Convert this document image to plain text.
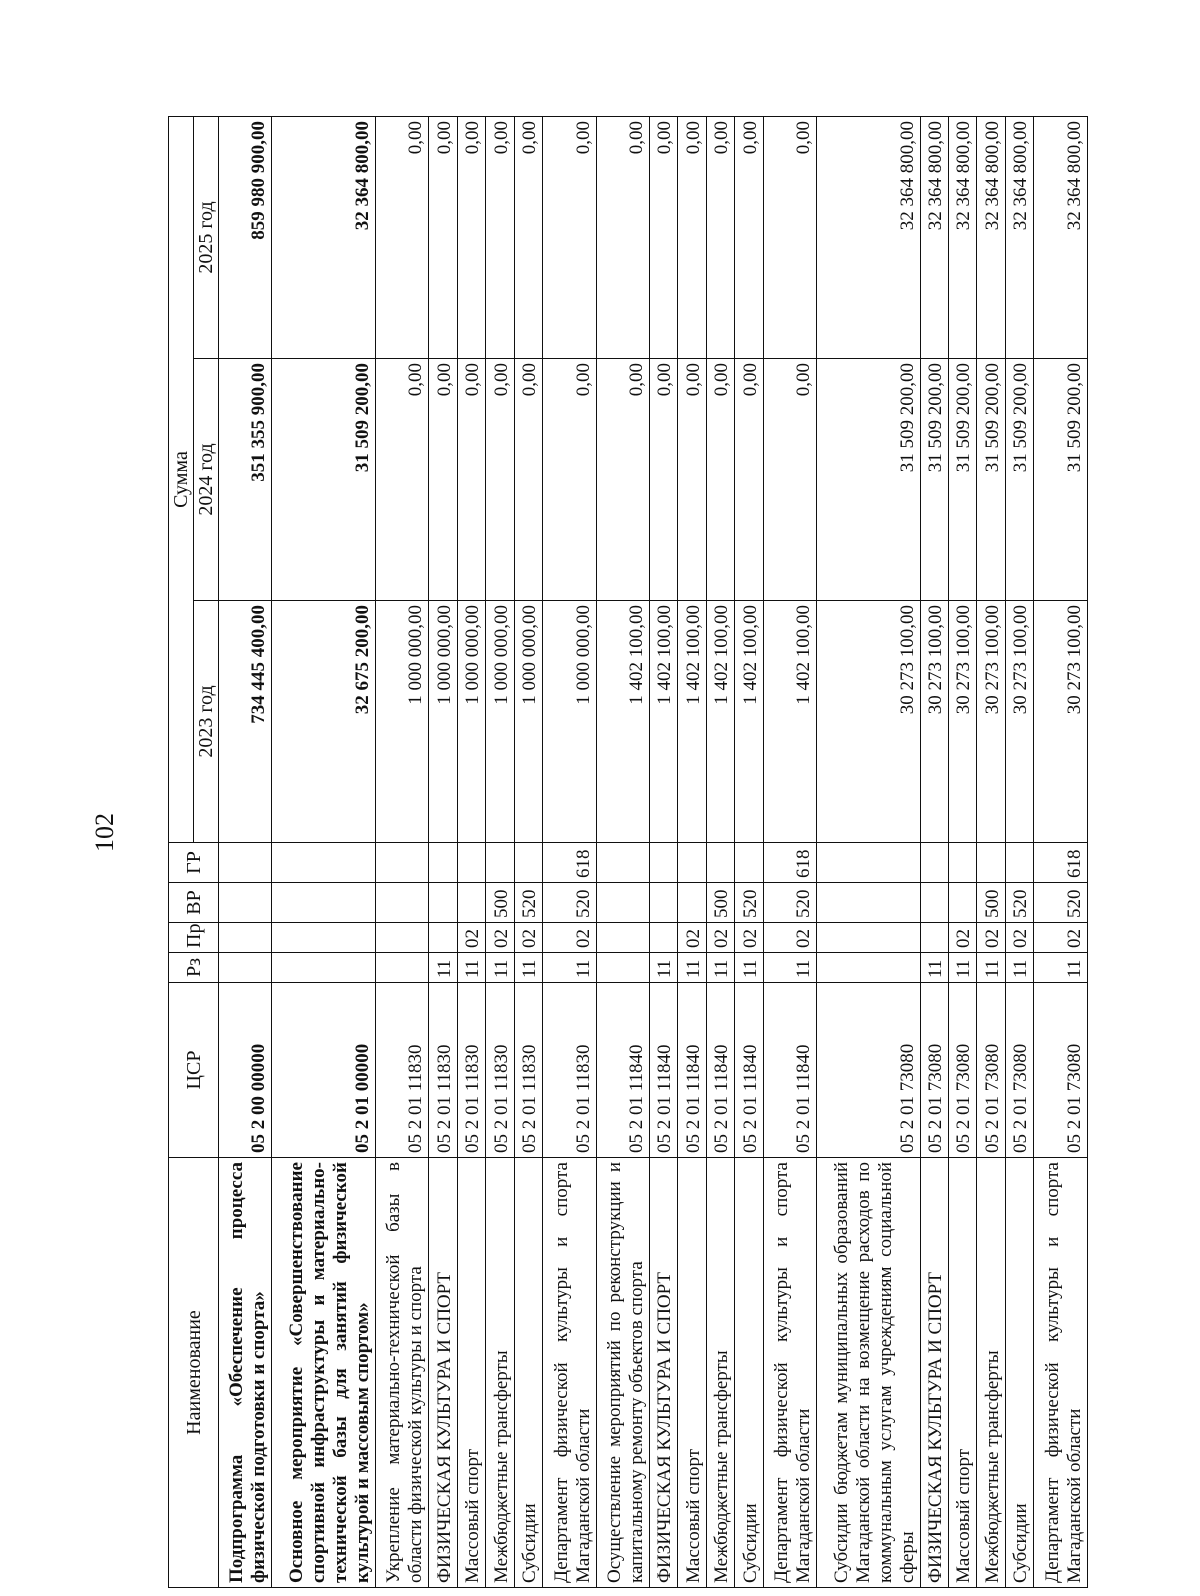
102
Наименование	ЦСР	Рз	Пр	ВР	ГР	Сумма		
						2023 год	2024 год	2025 год
Подпрограмма «Обеспечение процесса физической подготовки и спорта»	05 2 00 00000					734 445 400,00	351 355 900,00	859 980 900,00
Основное мероприятие «Совершенствование спортивной инфраструктуры и материально-технической базы для занятий физической культурой и массовым спортом»	05 2 01 00000					32 675 200,00	31 509 200,00	32 364 800,00
Укрепление материально-технической базы в области физической культуры и спорта	05 2 01 11830					1 000 000,00	0,00	0,00
ФИЗИЧЕСКАЯ КУЛЬТУРА И СПОРТ	05 2 01 11830	11				1 000 000,00	0,00	0,00
Массовый спорт	05 2 01 11830	11	02			1 000 000,00	0,00	0,00
Межбюджетные трансферты	05 2 01 11830	11	02	500		1 000 000,00	0,00	0,00
Субсидии	05 2 01 11830	11	02	520		1 000 000,00	0,00	0,00
Департамент физической культуры и спорта Магаданской области	05 2 01 11830	11	02	520	618	1 000 000,00	0,00	0,00
Осуществление мероприятий по реконструкции и капитальному ремонту объектов спорта	05 2 01 11840					1 402 100,00	0,00	0,00
ФИЗИЧЕСКАЯ КУЛЬТУРА И СПОРТ	05 2 01 11840	11				1 402 100,00	0,00	0,00
Массовый спорт	05 2 01 11840	11	02			1 402 100,00	0,00	0,00
Межбюджетные трансферты	05 2 01 11840	11	02	500		1 402 100,00	0,00	0,00
Субсидии	05 2 01 11840	11	02	520		1 402 100,00	0,00	0,00
Департамент физической культуры и спорта Магаданской области	05 2 01 11840	11	02	520	618	1 402 100,00	0,00	0,00
Субсидии бюджетам муниципальных образований Магаданской области на возмещение расходов по коммунальным услугам учреждениям социальной сферы	05 2 01 73080					30 273 100,00	31 509 200,00	32 364 800,00
ФИЗИЧЕСКАЯ КУЛЬТУРА И СПОРТ	05 2 01 73080	11				30 273 100,00	31 509 200,00	32 364 800,00
Массовый спорт	05 2 01 73080	11	02			30 273 100,00	31 509 200,00	32 364 800,00
Межбюджетные трансферты	05 2 01 73080	11	02	500		30 273 100,00	31 509 200,00	32 364 800,00
Субсидии	05 2 01 73080	11	02	520		30 273 100,00	31 509 200,00	32 364 800,00
Департамент физической культуры и спорта Магаданской области	05 2 01 73080	11	02	520	618	30 273 100,00	31 509 200,00	32 364 800,00
